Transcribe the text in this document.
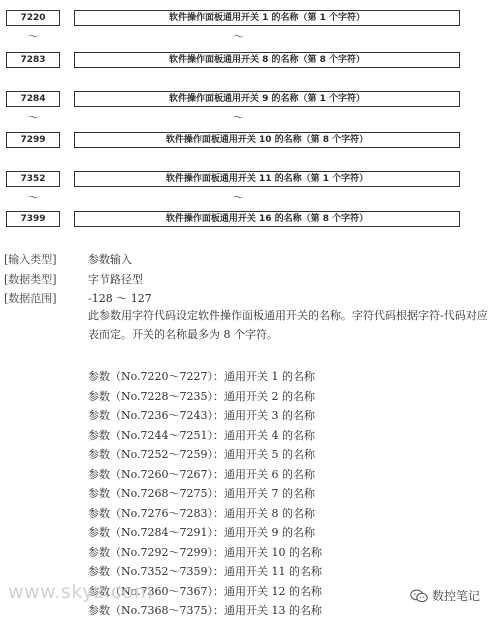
7220	软件操作面板通用开关 1 的名称（第 1 个字符）
～	～
7283	软件操作面板通用开关 8 的名称（第 8 个字符）
7284	软件操作面板通用开关 9 的名称（第 1 个字符）
～	～
7299	软件操作面板通用开关 10 的名称（第 8 个字符）
7352	软件操作面板通用开关 11 的名称（第 1 个字符）
～	～
7399	软件操作面板通用开关 16 的名称（第 8 个字符）
[输入类型]	参数输入
[数据类型]	字节路径型
[数据范围]	-128 ～ 127
此参数用字符代码设定软件操作面板通用开关的名称。字符代码根据字符-代码对应表而定。开关的名称最多为 8 个字符。
参数（No.7220～7227）：通用开关 1 的名称
参数（No.7228～7235）：通用开关 2 的名称
参数（No.7236～7243）：通用开关 3 的名称
参数（No.7244～7251）：通用开关 4 的名称
参数（No.7252～7259）：通用开关 5 的名称
参数（No.7260～7267）：通用开关 6 的名称
参数（No.7268～7275）：通用开关 7 的名称
参数（No.7276～7283）：通用开关 8 的名称
参数（No.7284～7291）：通用开关 9 的名称
参数（No.7292～7299）：通用开关 10 的名称
参数（No.7352～7359）：通用开关 11 的名称
参数（No.7360～7367）：通用开关 12 的名称
参数（No.7368～7375）：通用开关 13 的名称
www.skyz.com	数控笔记
